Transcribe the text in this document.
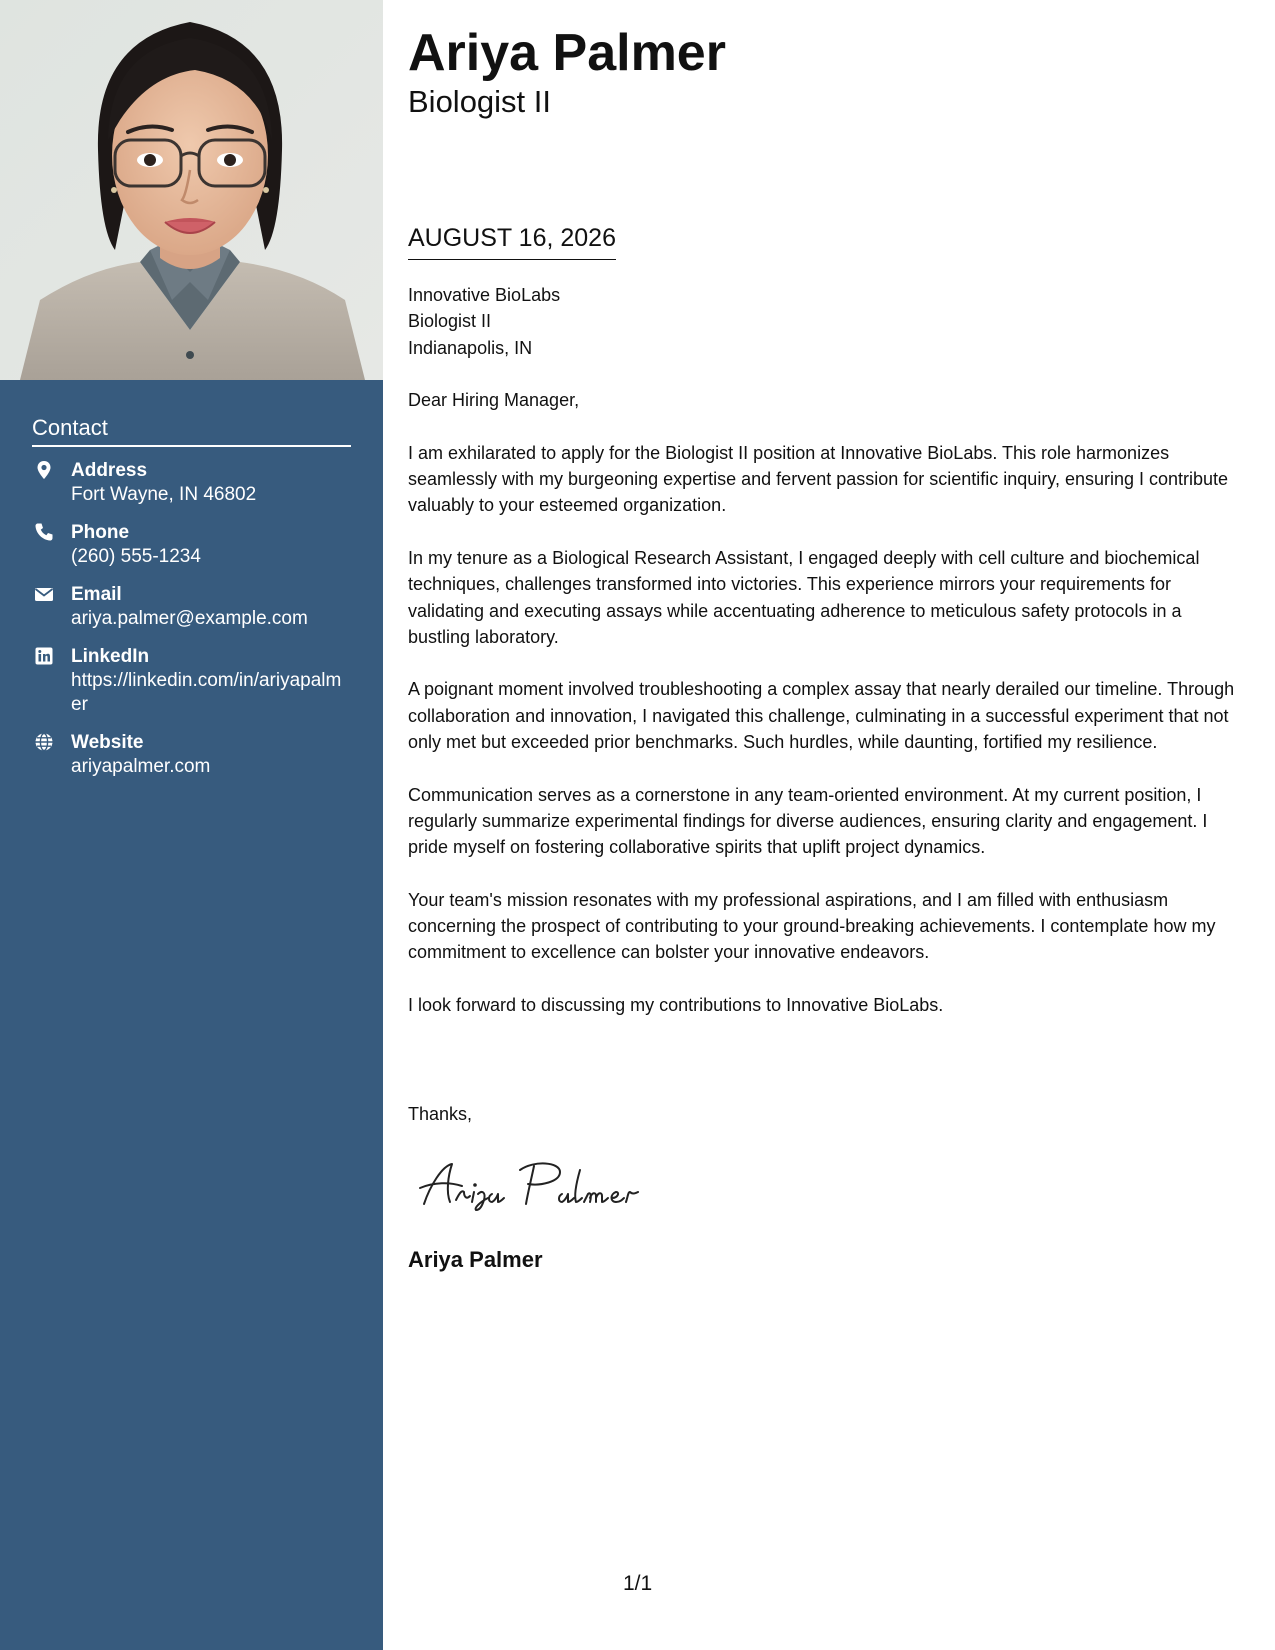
Contact
Address
Fort Wayne, IN 46802
Phone
(260) 555-1234
Email
ariya.palmer@example.com
LinkedIn
https://linkedin.com/in/ariyapalmer
Website
ariyapalmer.com
Ariya Palmer
Biologist II
AUGUST 16, 2026
Innovative BioLabs
Biologist II
Indianapolis, IN

Dear Hiring Manager,

I am exhilarated to apply for the Biologist II position at Innovative BioLabs. This role harmonizes seamlessly with my burgeoning expertise and fervent passion for scientific inquiry, ensuring I contribute valuably to your esteemed organization.

In my tenure as a Biological Research Assistant, I engaged deeply with cell culture and biochemical techniques, challenges transformed into victories. This experience mirrors your requirements for validating and executing assays while accentuating adherence to meticulous safety protocols in a bustling laboratory.

A poignant moment involved troubleshooting a complex assay that nearly derailed our timeline. Through collaboration and innovation, I navigated this challenge, culminating in a successful experiment that not only met but exceeded prior benchmarks. Such hurdles, while daunting, fortified my resilience.

Communication serves as a cornerstone in any team-oriented environment. At my current position, I regularly summarize experimental findings for diverse audiences, ensuring clarity and engagement. I pride myself on fostering collaborative spirits that uplift project dynamics.

Your team's mission resonates with my professional aspirations, and I am filled with enthusiasm concerning the prospect of contributing to your ground-breaking achievements. I contemplate how my commitment to excellence can bolster your innovative endeavors.

I look forward to discussing my contributions to Innovative BioLabs.

Thanks,
Ariya Palmer
1/1
